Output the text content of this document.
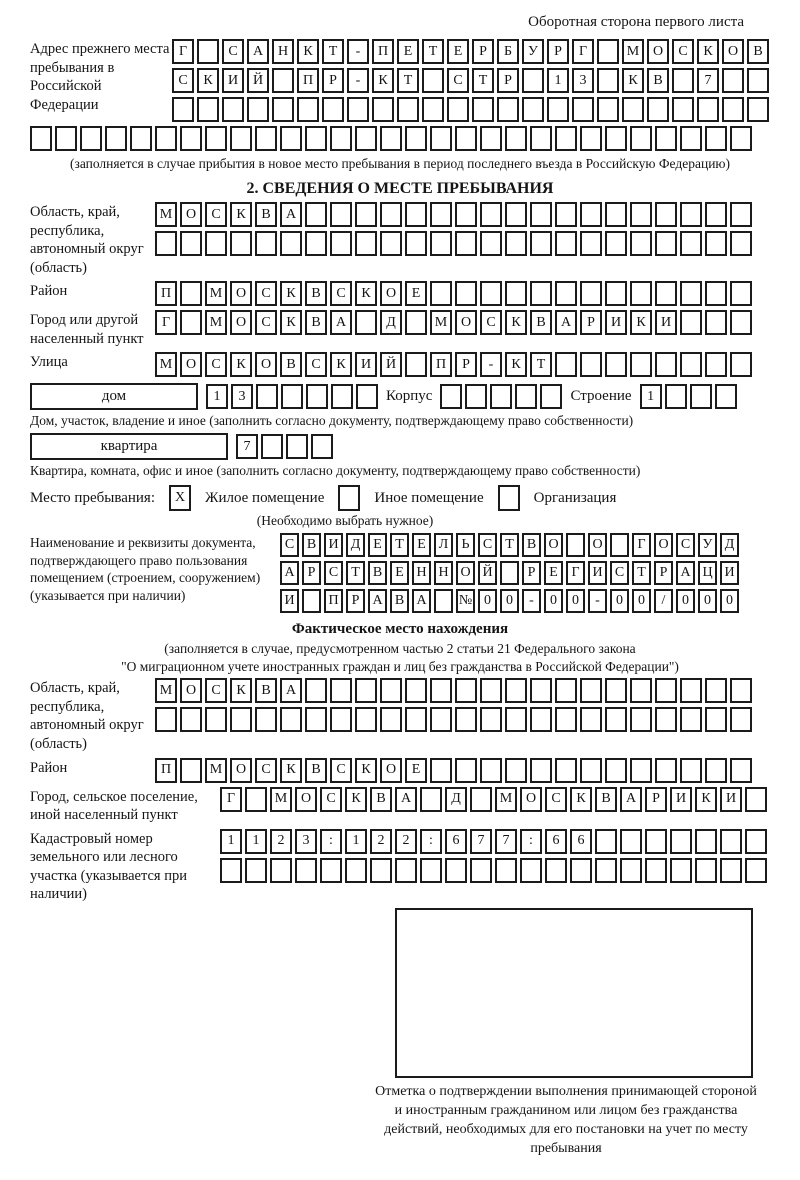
Оборотная сторона первого листа
Адрес прежнего места пребывания в Российской Федерации
Г	С	А	Н	К	Т	-	П	Е	Т	Е	Р	Б	У	Р	Г	М О	С	К	О	В
С	К	И	Й	П	Р	-	К	Т	С	Т	Р	1	3	К	В	7
(заполняется в случае прибытия в новое место пребывания в период последнего въезда в Российскую Федерацию)
2. СВЕДЕНИЯ О МЕСТЕ ПРЕБЫВАНИЯ
Область, край, республика, автономный округ (область)
М О	С	К	В	А
Район	П	М О	С	К	В	С	К	О	Е
Город или другой населенный пункт
Г	М О	С	К	В	А	Д	М О	С	К	В	А	Р	И	К	И
Улица	М О	С	К	О	В	С	К	И	Й	П	Р	-	К	Т
дом	1	3	Корпус	Строение	1
Дом, участок, владение и иное (заполнить согласно документу, подтверждающему право собственности)
квартира	7
Квартира, комната, офис и иное (заполнить согласно документу, подтверждающему право собственности)
Место пребывания:	X	Жилое помещение	Иное помещение	Организация
(Необходимо выбрать нужное)
Наименование и реквизиты документа, подтверждающего право пользования помещением (строением, сооружением) (указывается при наличии)
С В И Д Е Т Е Л Ь С Т В О	О	Г О С У Д
А Р С Т В Е Н Н О Й	Р Е Г И С Т Р А Ц И
И	П Р А В А	№ 0	0	-	0	0	-	0	0	/	0	0	0
Фактическое место нахождения
(заполняется в случае, предусмотренном частью 2 статьи 21 Федерального закона
"О миграционном учете иностранных граждан и лиц без гражданства в Российской Федерации")
Область, край, республика, автономный округ (область)
М О	С	К	В	А
Район	П	М О	С	К	В	С	К	О	Е
Город, сельское поселение, иной населенный пункт
Г	М О	С	К	В	А	Д	М О	С	К	В	А	Р	И	К	И
Кадастровый номер земельного или лесного участка (указывается при наличии)
1	1	2	3	:	1	2	2	:	6	7	7	:	6	6
Отметка о подтверждении выполнения принимающей стороной и иностранным гражданином или лицом без гражданства действий, необходимых для его постановки на учет по месту пребывания
